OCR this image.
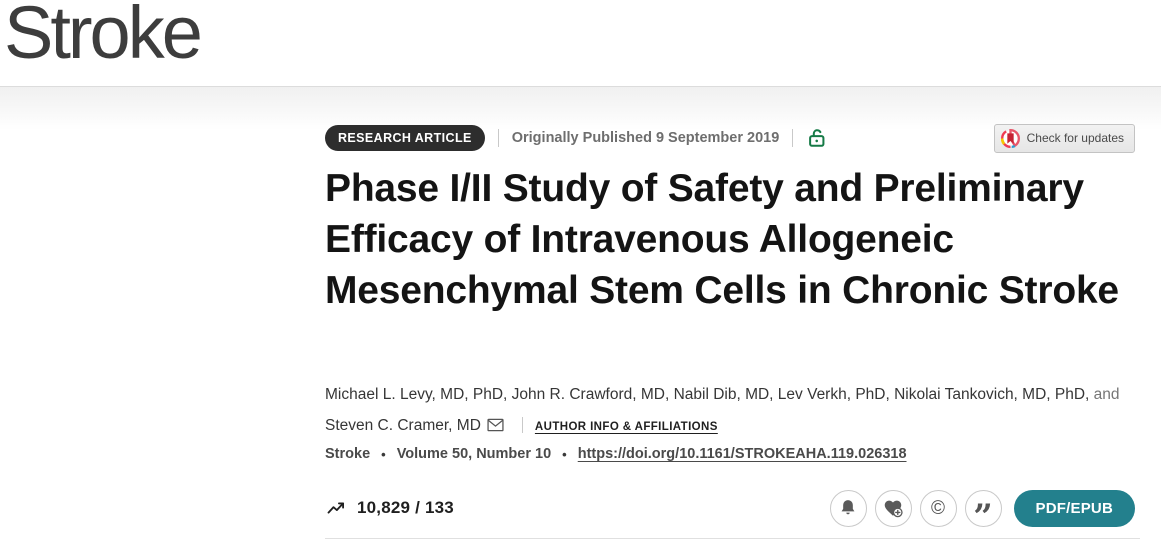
Stroke
RESEARCH ARTICLE	Originally Published 9 September 2019	Check for updates
Phase I/II Study of Safety and Preliminary Efficacy of Intravenous Allogeneic Mesenchymal Stem Cells in Chronic Stroke
Michael L. Levy, MD, PhD, John R. Crawford, MD, Nabil Dib, MD, Lev Verkh, PhD, Nikolai Tankovich, MD, PhD, and Steven C. Cramer, MD	AUTHOR INFO & AFFILIATIONS
Stroke • Volume 50, Number 10 • https://doi.org/10.1161/STROKEAHA.119.026318
10,829 / 133	© ”	PDF/EPUB
